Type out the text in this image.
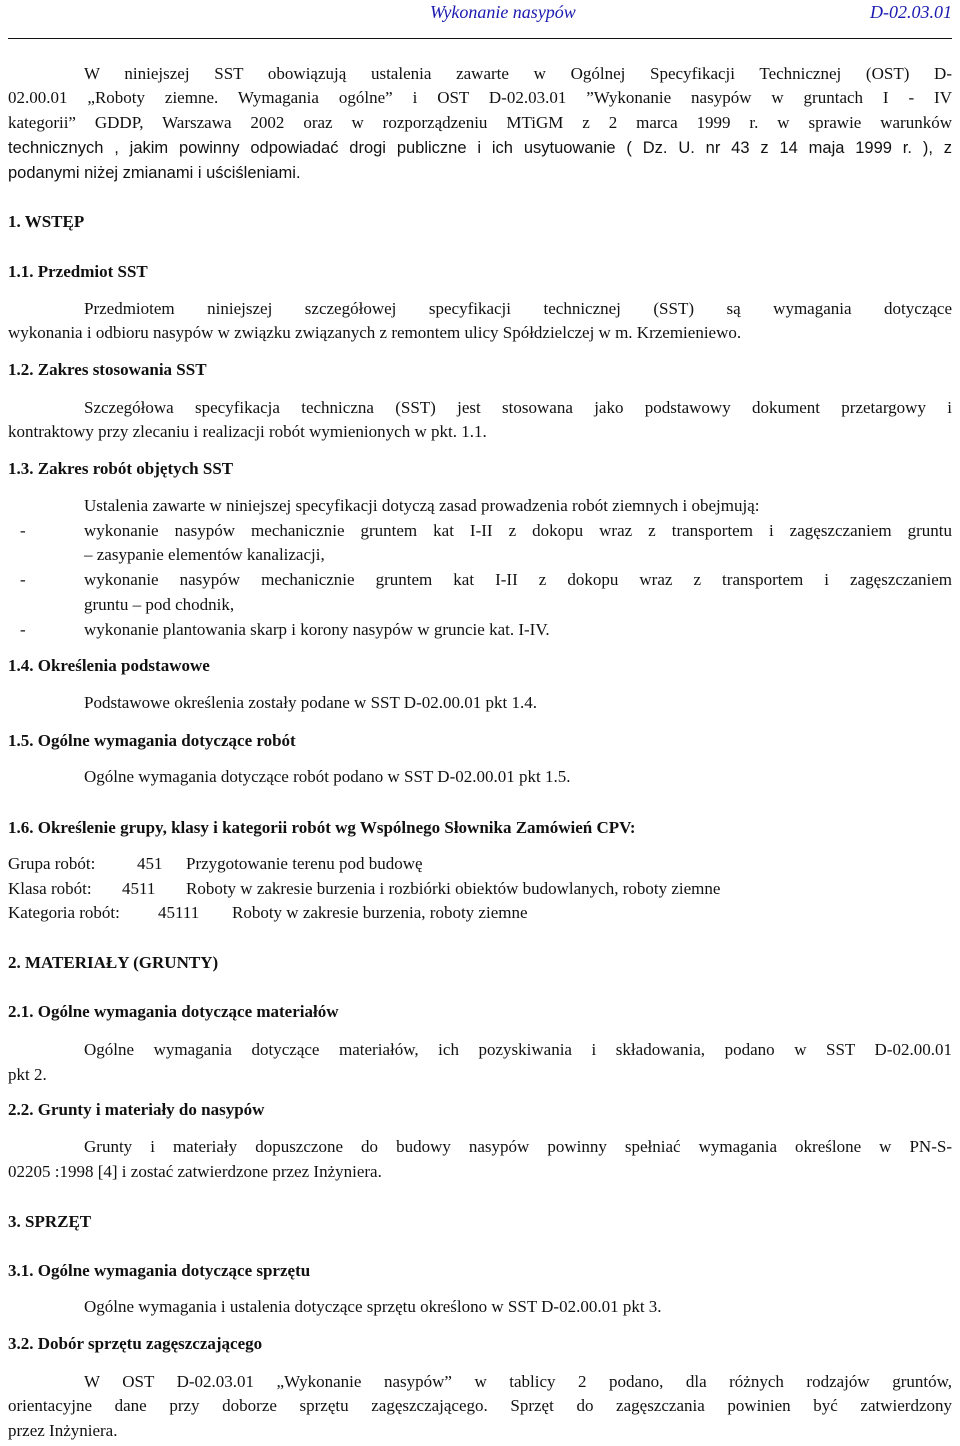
Wykonanie nasypów	D-02.03.01
W niniejszej SST obowiązują ustalenia zawarte w Ogólnej Specyfikacji Technicznej (OST) D-
02.00.01 „Roboty ziemne. Wymagania ogólne” i OST D-02.03.01 ”Wykonanie nasypów w gruntach I - IV
kategorii” GDDP, Warszawa 2002 oraz w rozporządzeniu MTiGM z 2 marca 1999 r. w sprawie warunków
technicznych , jakim powinny odpowiadać drogi publiczne i ich usytuowanie ( Dz. U. nr 43 z 14 maja 1999 r. ), z
podanymi niżej zmianami i uściśleniami.
1. WSTĘP
1.1. Przedmiot SST
Przedmiotem niniejszej szczegółowej specyfikacji technicznej (SST) są wymagania dotyczące
wykonania i odbioru nasypów w związku związanych z remontem ulicy Spółdzielczej w m. Krzemieniewo.
1.2. Zakres stosowania SST
Szczegółowa specyfikacja techniczna (SST) jest stosowana jako podstawowy dokument przetargowy i
kontraktowy przy zlecaniu i realizacji robót wymienionych w pkt. 1.1.
1.3. Zakres robót objętych SST
Ustalenia zawarte w niniejszej specyfikacji dotyczą zasad prowadzenia robót ziemnych i obejmują:
-	wykonanie nasypów mechanicznie gruntem kat I-II z dokopu wraz z transportem i zagęszczaniem gruntu
– zasypanie elementów kanalizacji,
-	wykonanie nasypów mechanicznie gruntem kat I-II z dokopu wraz z transportem i zagęszczaniem
gruntu – pod chodnik,
-	wykonanie plantowania skarp i korony nasypów w gruncie kat. I-IV.
1.4. Określenia podstawowe
Podstawowe określenia zostały podane w SST D-02.00.01 pkt 1.4.
1.5. Ogólne wymagania dotyczące robót
Ogólne wymagania dotyczące robót podano w SST D-02.00.01 pkt 1.5.
1.6. Określenie grupy, klasy i kategorii robót wg Wspólnego Słownika Zamówień CPV:
Grupa robót: 451 Przygotowanie terenu pod budowę
Klasa robót: 4511 Roboty w zakresie burzenia i rozbiórki obiektów budowlanych, roboty ziemne
Kategoria robót: 45111 Roboty w zakresie burzenia, roboty ziemne
2. MATERIAŁY (GRUNTY)
2.1. Ogólne wymagania dotyczące materiałów
Ogólne wymagania dotyczące materiałów, ich pozyskiwania i składowania, podano w SST D-02.00.01
pkt 2.
2.2. Grunty i materiały do nasypów
Grunty i materiały dopuszczone do budowy nasypów powinny spełniać wymagania określone w PN-S-
02205 :1998 [4] i zostać zatwierdzone przez Inżyniera.
3. SPRZĘT
3.1. Ogólne wymagania dotyczące sprzętu
Ogólne wymagania i ustalenia dotyczące sprzętu określono w SST D-02.00.01 pkt 3.
3.2. Dobór sprzętu zagęszczającego
W OST D-02.03.01 „Wykonanie nasypów” w tablicy 2 podano, dla różnych rodzajów gruntów,
orientacyjne dane przy doborze sprzętu zagęszczającego. Sprzęt do zagęszczania powinien być zatwierdzony
przez Inżyniera.
